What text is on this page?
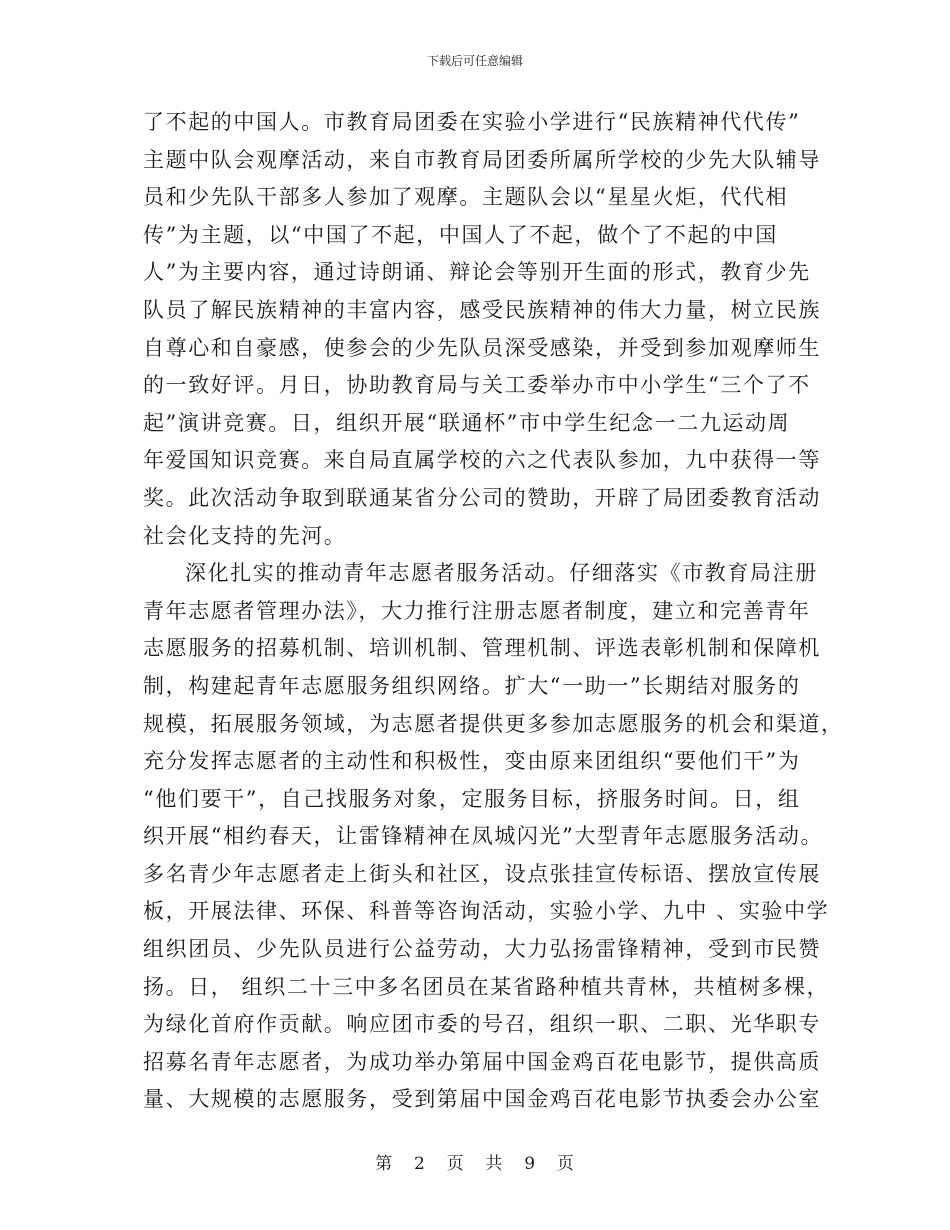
下载后可任意编辑
了不起的中国人。市教育局团委在实验小学进行“民族精神代代传”
主题中队会观摩活动，来自市教育局团委所属所学校的少先大队辅导
员和少先队干部多人参加了观摩。主题队会以“星星火炬，代代相
传”为主题，以“中国了不起，中国人了不起，做个了不起的中国
人”为主要内容，通过诗朗诵、辩论会等别开生面的形式，教育少先
队员了解民族精神的丰富内容，感受民族精神的伟大力量，树立民族
自尊心和自豪感，使参会的少先队员深受感染，并受到参加观摩师生
的一致好评。月日，协助教育局与关工委举办市中小学生“三个了不
起”演讲竞赛。日，组织开展“联通杯”市中学生纪念一二九运动周
年爱国知识竞赛。来自局直属学校的六之代表队参加，九中获得一等
奖。此次活动争取到联通某省分公司的赞助，开辟了局团委教育活动
社会化支持的先河。
深化扎实的推动青年志愿者服务活动。仔细落实《市教育局注册
青年志愿者管理办法》，大力推行注册志愿者制度，建立和完善青年
志愿服务的招募机制、培训机制、管理机制、评选表彰机制和保障机
制，构建起青年志愿服务组织网络。扩大“一助一”长期结对服务的
规模，拓展服务领域，为志愿者提供更多参加志愿服务的机会和渠道，
充分发挥志愿者的主动性和积极性，变由原来团组织“要他们干”为
“他们要干”，自己找服务对象，定服务目标，挤服务时间。日，组
织开展“相约春天，让雷锋精神在凤城闪光”大型青年志愿服务活动。
多名青少年志愿者走上街头和社区，设点张挂宣传标语、摆放宣传展
板，开展法律、环保、科普等咨询活动，实验小学、九中 、实验中学
组织团员、少先队员进行公益劳动，大力弘扬雷锋精神，受到市民赞
扬。日， 组织二十三中多名团员在某省路种植共青林，共植树多棵，
为绿化首府作贡献。响应团市委的号召，组织一职、二职、光华职专
招募名青年志愿者，为成功举办第届中国金鸡百花电影节，提供高质
量、大规模的志愿服务，受到第届中国金鸡百花电影节执委会办公室
第 2 页 共 9 页
